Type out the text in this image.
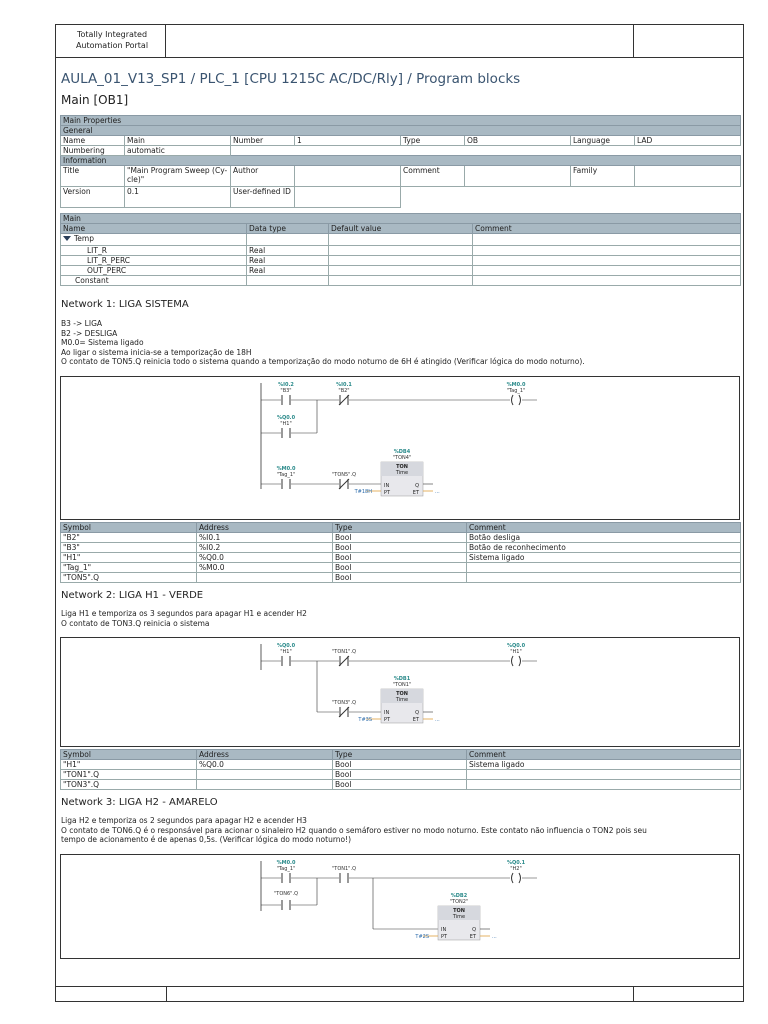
Totally Integrated
Automation Portal
AULA_01_V13_SP1 / PLC_1 [CPU 1215C AC/DC/Rly] / Program blocks
Main [OB1]
Main Properties							
General							
Name	Main	Number	1	Type	OB	Language	LAD
Numbering	automatic						
Information							
Title	"Main Program Sweep (Cy-cle)"	Author		Comment		Family	
Version	0.1	User-defined ID					
Main			
Name	Data type	Default value	Comment
Temp			
LIT_R	Real		
LIT_R_PERC	Real		
OUT_PERC	Real		
Constant			
Network 1: LIGA SISTEMA
B3 -> LIGA
B2 -> DESLIGA
M0.0= Sistema ligado
Ao ligar o sistema inicia-se a temporização de 18H
O contato de TON5.Q reinicia todo o sistema quando a temporização do modo noturno de 6H é atingido (Verificar lógica do modo noturno).
%I0.2
"B3"
%I0.1
"B2"
%M0.0
"Tag_1"
%Q0.0
"H1"
%M0.0
"Tag_1"	"TON5".Q
%DB4
"TON4"
TON
Time
IN
PT
Q
ET
T#18H	...
Symbol	Address	Type	Comment
"B2"	%I0.1	Bool	Botão desliga
"B3"	%I0.2	Bool	Botão de reconhecimento
"H1"	%Q0.0	Bool	Sistema ligado
"Tag_1"	%M0.0	Bool	
"TON5".Q		Bool	
Network 2: LIGA H1 - VERDE
Liga H1 e temporiza os 3 segundos para apagar H1 e acender H2
O contato de TON3.Q reinicia o sistema
%Q0.0
"H1"	"TON1".Q
%Q0.0
"H1"
"TON3".Q
%DB1
"TON1"
TON
Time
IN
PT
Q
ET
T#3S	...
Symbol	Address	Type	Comment
"H1"	%Q0.0	Bool	Sistema ligado
"TON1".Q		Bool	
"TON3".Q		Bool	
Network 3: LIGA H2 - AMARELO
Liga H2 e temporiza os 2 segundos para apagar H2 e acender H3
O contato de TON6.Q é o responsável para acionar o sinaleiro H2 quando o semáforo estiver no modo noturno. Este contato não influencia o TON2 pois seu
tempo de acionamento é de apenas 0,5s. (Verificar lógica do modo noturno!)
%M0.0
"Tag_1"	"TON1".Q
%Q0.1
"H2"
"TON6".Q	%DB2
"TON2"
TON
Time
IN
PT
Q
ET
T#2S	...
